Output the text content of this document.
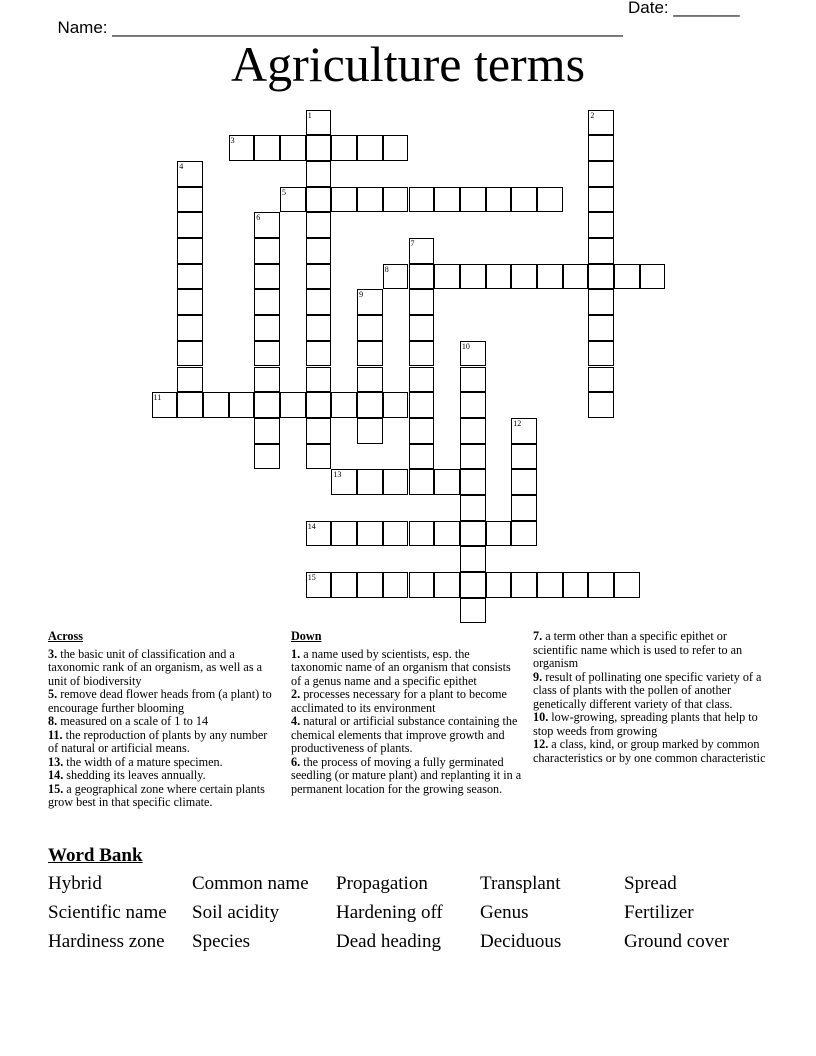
Name: ______________________________________________________

Date: _______

Agriculture terms
1	2
3
4
5
6
7
8
9
10
11
12
13
14
15
Across
3. the basic unit of classification and a taxonomic rank of an organism, as well as a unit of biodiversity
5. remove dead flower heads from (a plant) to encourage further blooming
8. measured on a scale of 1 to 14
11. the reproduction of plants by any number of natural or artificial means.
13. the width of a mature specimen.
14. shedding its leaves annually.
15. a geographical zone where certain plants grow best in that specific climate.
Down
1. a name used by scientists, esp. the taxonomic name of an organism that consists of a genus name and a specific epithet
2. processes necessary for a plant to become acclimated to its environment
4. natural or artificial substance containing the chemical elements that improve growth and productiveness of plants.
6. the process of moving a fully germinated seedling (or mature plant) and replanting it in a permanent location for the growing season.
7. a term other than a specific epithet or scientific name which is used to refer to an organism
9. result of pollinating one specific variety of a class of plants with the pollen of another genetically different variety of that class.
10. low-growing, spreading plants that help to stop weeds from growing
12. a class, kind, or group marked by common characteristics or by one common characteristic
Word Bank
Hybrid	Common name	Propagation	Transplant	Spread
Scientific name	Soil acidity	Hardening off	Genus	Fertilizer
Hardiness zone	Species	Dead heading	Deciduous	Ground cover
